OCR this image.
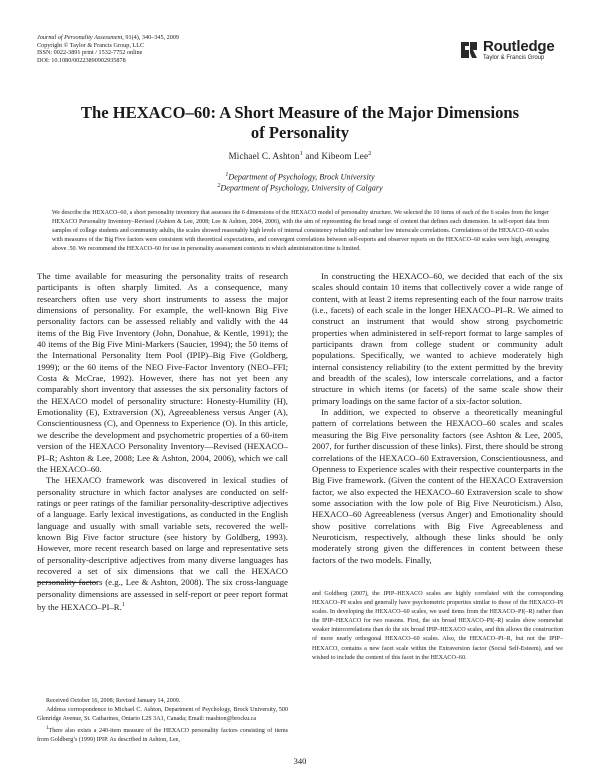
Journal of Personality Assessment, 91(4), 340–345, 2009
Copyright © Taylor & Francis Group, LLC
ISSN: 0022-3891 print / 1532-7752 online
DOI: 10.1080/00223890902935878
Routledge
Taylor & Francis Group
The HEXACO–60: A Short Measure of the Major Dimensions
of Personality
Michael C. Ashton$^1$ and Kibeom Lee$^2$
$^1$Department of Psychology, Brock University
$^2$Department of Psychology, University of Calgary
We describe the HEXACO–60, a short personality inventory that assesses the 6 dimensions of the HEXACO model of personality structure. We selected the 10 items of each of the 6 scales from the longer HEXACO Personality Inventory–Revised (Ashton & Lee, 2008; Lee & Ashton, 2004, 2006), with the aim of representing the broad range of content that defines each dimension. In self-report data from samples of college students and community adults, the scales showed reasonably high levels of internal consistency reliability and rather low interscale correlations. Correlations of the HEXACO–60 scales with measures of the Big Five factors were consistent with theoretical expectations, and convergent correlations between self-reports and observer reports on the HEXACO–60 scales were high, averaging above .50. We recommend the HEXACO–60 for use in personality assessment contexts in which administration time is limited.

The time available for measuring the personality traits of research participants is often sharply limited. As a consequence, many researchers often use very short instruments to assess the major dimensions of personality. For example, the well-known Big Five personality factors can be assessed reliably and validly with the 44 items of the Big Five Inventory (John, Donahue, & Kentle, 1991); the 40 items of the Big Five Mini-Markers (Saucier, 1994); the 50 items of the International Personality Item Pool (IPIP)–Big Five (Goldberg, 1999); or the 60 items of the NEO Five-Factor Inventory (NEO–FFI; Costa & McCrae, 1992). However, there has not yet been any comparably short inventory that assesses the six personality factors of the HEXACO model of personality structure: Honesty-Humility (H), Emotionality (E), Extraversion (X), Agreeableness versus Anger (A), Conscientiousness (C), and Openness to Experience (O). In this article, we describe the development and psychometric properties of a 60-item version of the HEXACO Personality Inventory—Revised (HEXACO–PI–R; Ashton & Lee, 2008; Lee & Ashton, 2004, 2006), which we call the HEXACO–60.

The HEXACO framework was discovered in lexical studies of personality structure in which factor analyses are conducted on self-ratings or peer ratings of the familiar personality-descriptive adjectives of a language. Early lexical investigations, as conducted in the English language and usually with small variable sets, recovered the well-known Big Five factor structure (see history by Goldberg, 1993). However, more recent research based on large and representative sets of personality-descriptive adjectives from many diverse languages has recovered a set of six dimensions that we call the HEXACO personality factors (e.g., Lee & Ashton, 2008). The six cross-language personality dimensions are assessed in self-report or peer report format by the HEXACO–PI–R.$^1$

In constructing the HEXACO–60, we decided that each of the six scales should contain 10 items that collectively cover a wide range of content, with at least 2 items representing each of the four narrow traits (i.e., facets) of each scale in the longer HEXACO–PI–R. We aimed to construct an instrument that would show strong psychometric properties when administered in self-report format to large samples of participants drawn from college student or community adult populations. Specifically, we wanted to achieve moderately high internal consistency reliability (to the extent permitted by the brevity and breadth of the scales), low interscale correlations, and a factor structure in which items (or facets) of the same scale show their primary loadings on the same factor of a six-factor solution.

In addition, we expected to observe a theoretically meaningful pattern of correlations between the HEXACO–60 scales and scales measuring the Big Five personality factors (see Ashton & Lee, 2005, 2007, for further discussion of these links). First, there should be strong correlations of the HEXACO–60 Extraversion, Conscientiousness, and Openness to Experience scales with their respective counterparts in the Big Five framework. (Given the content of the HEXACO Extraversion factor, we also expected the HEXACO–60 Extraversion scale to show some association with the low pole of Big Five Neuroticism.) Also, HEXACO–60 Agreeableness (versus Anger) and Emotionality should show positive correlations with Big Five Agreeableness and Neuroticism, respectively, although these links should be only moderately strong given the differences in content between these factors of the two models. Finally,

Received October 16, 2008; Revised January 14, 2009.

Address correspondence to Michael C. Ashton, Department of Psychology, Brock University, 500 Glenridge Avenue, St. Catharines, Ontario L2S 3A1, Canada; Email: mashton@brocku.ca

$^1$There also exists a 240-item measure of the HEXACO personality factors consisting of items from Goldberg’s (1999) IPIP. As described in Ashton, Lee,

and Goldberg (2007), the IPIP–HEXACO scales are highly correlated with the corresponding HEXACO–PI scales and generally have psychometric properties similar to those of the HEXACO–PI scales. In developing the HEXACO–60 scales, we used items from the HEXACO–PI(–R) rather than the IPIP–HEXACO for two reasons. First, the six broad HEXACO–PI(–R) scales show somewhat weaker intercorrelations than do the six broad IPIP–HEXACO scales, and this allows the construction of more nearly orthogonal HEXACO–60 scales. Also, the HEXACO–PI–R, but not the IPIP–HEXACO, contains a new facet scale within the Extraversion factor (Social Self-Esteem), and we wished to include the content of this facet in the HEXACO–60.

340
